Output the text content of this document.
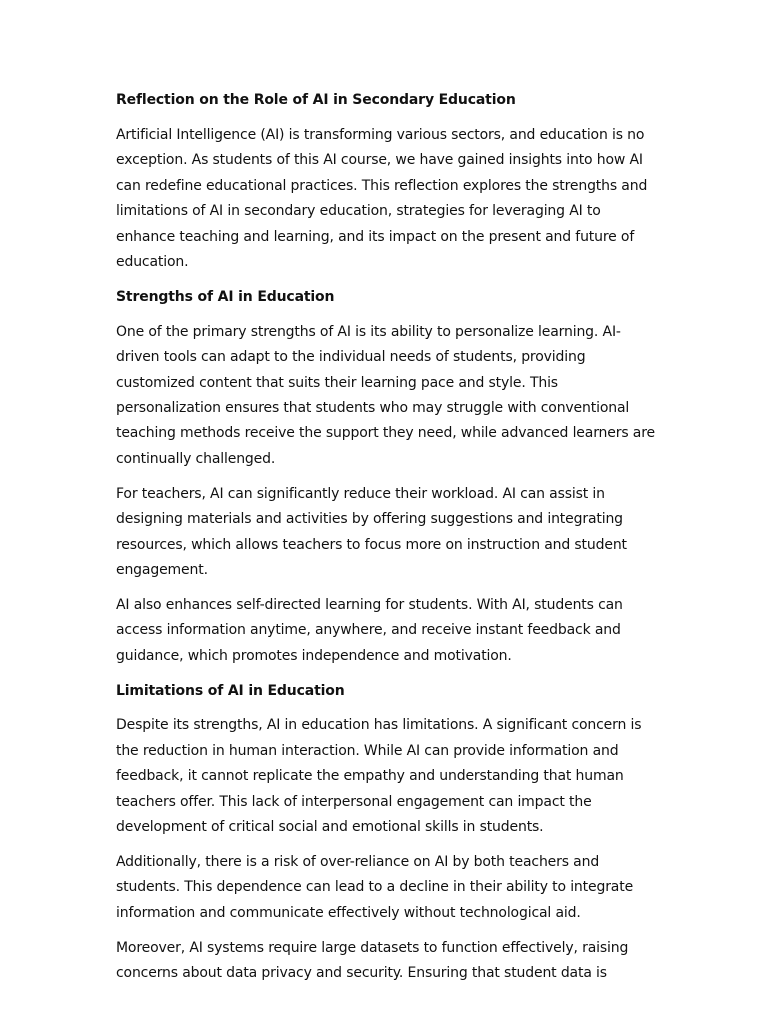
Reflection on the Role of AI in Secondary Education

Artificial Intelligence (AI) is transforming various sectors, and education is no exception. As students of this AI course, we have gained insights into how AI can redefine educational practices. This reflection explores the strengths and limitations of AI in secondary education, strategies for leveraging AI to enhance teaching and learning, and its impact on the present and future of education.

Strengths of AI in Education

One of the primary strengths of AI is its ability to personalize learning. AI-driven tools can adapt to the individual needs of students, providing customized content that suits their learning pace and style. This personalization ensures that students who may struggle with conventional teaching methods receive the support they need, while advanced learners are continually challenged.

For teachers, AI can significantly reduce their workload. AI can assist in designing materials and activities by offering suggestions and integrating resources, which allows teachers to focus more on instruction and student engagement.

AI also enhances self-directed learning for students. With AI, students can access information anytime, anywhere, and receive instant feedback and guidance, which promotes independence and motivation.

Limitations of AI in Education

Despite its strengths, AI in education has limitations. A significant concern is the reduction in human interaction. While AI can provide information and feedback, it cannot replicate the empathy and understanding that human teachers offer. This lack of interpersonal engagement can impact the development of critical social and emotional skills in students.

Additionally, there is a risk of over-reliance on AI by both teachers and students. This dependence can lead to a decline in their ability to integrate information and communicate effectively without technological aid.

Moreover, AI systems require large datasets to function effectively, raising concerns about data privacy and security. Ensuring that student data is
